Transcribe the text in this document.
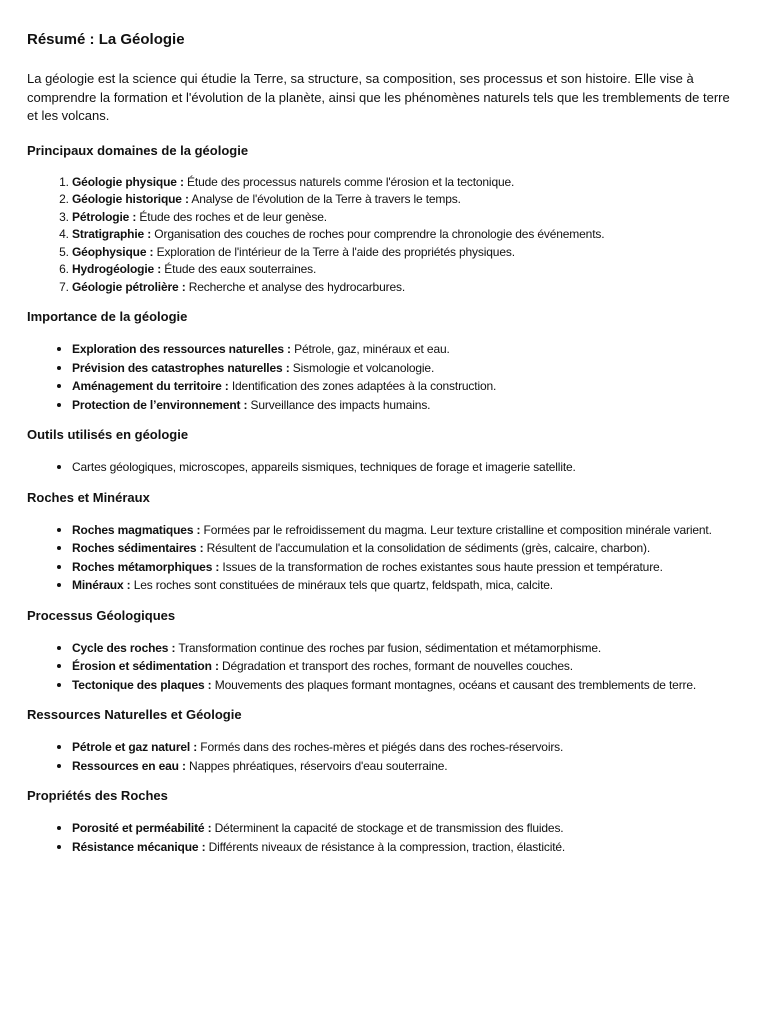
Résumé : La Géologie

La géologie est la science qui étudie la Terre, sa structure, sa composition, ses processus et son histoire. Elle vise à comprendre la formation et l'évolution de la planète, ainsi que les phénomènes naturels tels que les tremblements de terre et les volcans.

Principaux domaines de la géologie
1. Géologie physique : Étude des processus naturels comme l'érosion et la tectonique.
2. Géologie historique : Analyse de l'évolution de la Terre à travers le temps.
3. Pétrologie : Étude des roches et de leur genèse.
4. Stratigraphie : Organisation des couches de roches pour comprendre la chronologie des événements.
5. Géophysique : Exploration de l'intérieur de la Terre à l'aide des propriétés physiques.
6. Hydrogéologie : Étude des eaux souterraines.
7. Géologie pétrolière : Recherche et analyse des hydrocarbures.
Importance de la géologie
• Exploration des ressources naturelles : Pétrole, gaz, minéraux et eau.
• Prévision des catastrophes naturelles : Sismologie et volcanologie.
• Aménagement du territoire : Identification des zones adaptées à la construction.
• Protection de l’environnement : Surveillance des impacts humains.
Outils utilisés en géologie
• Cartes géologiques, microscopes, appareils sismiques, techniques de forage et imagerie satellite.
Roches et Minéraux
• Roches magmatiques : Formées par le refroidissement du magma. Leur texture cristalline et composition minérale varient.
• Roches sédimentaires : Résultent de l'accumulation et la consolidation de sédiments (grès, calcaire, charbon).
• Roches métamorphiques : Issues de la transformation de roches existantes sous haute pression et température.
• Minéraux : Les roches sont constituées de minéraux tels que quartz, feldspath, mica, calcite.
Processus Géologiques
• Cycle des roches : Transformation continue des roches par fusion, sédimentation et métamorphisme.
• Érosion et sédimentation : Dégradation et transport des roches, formant de nouvelles couches.
• Tectonique des plaques : Mouvements des plaques formant montagnes, océans et causant des tremblements de terre.
Ressources Naturelles et Géologie
• Pétrole et gaz naturel : Formés dans des roches-mères et piégés dans des roches-réservoirs.
• Ressources en eau : Nappes phréatiques, réservoirs d'eau souterraine.
Propriétés des Roches
• Porosité et perméabilité : Déterminent la capacité de stockage et de transmission des fluides.
• Résistance mécanique : Différents niveaux de résistance à la compression, traction, élasticité.
